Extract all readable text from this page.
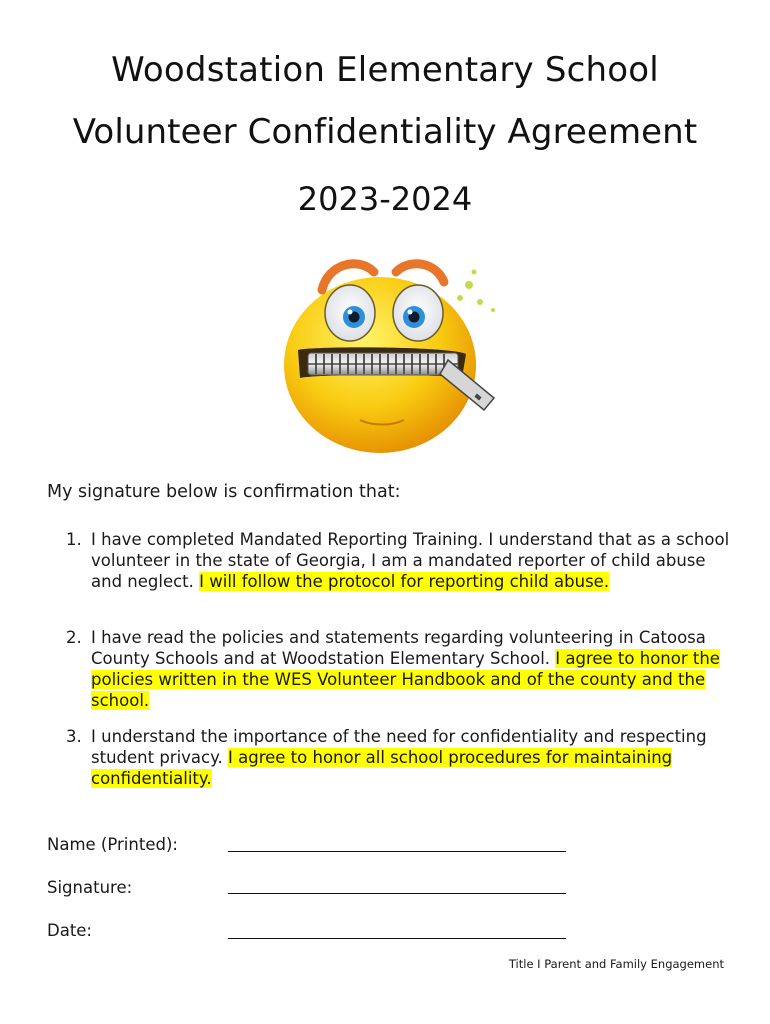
Woodstation Elementary School
Volunteer Confidentiality Agreement
2023-2024
My signature below is confirmation that:
1. I have completed Mandated Reporting Training. I understand that as a school volunteer in the state of Georgia, I am a mandated reporter of child abuse and neglect. I will follow the protocol for reporting child abuse.
2. I have read the policies and statements regarding volunteering in Catoosa County Schools and at Woodstation Elementary School. I agree to honor the policies written in the WES Volunteer Handbook and of the county and the school.
3. I understand the importance of the need for confidentiality and respecting student privacy. I agree to honor all school procedures for maintaining confidentiality.
Name (Printed):
Signature:
Date:
Title I Parent and Family Engagement
